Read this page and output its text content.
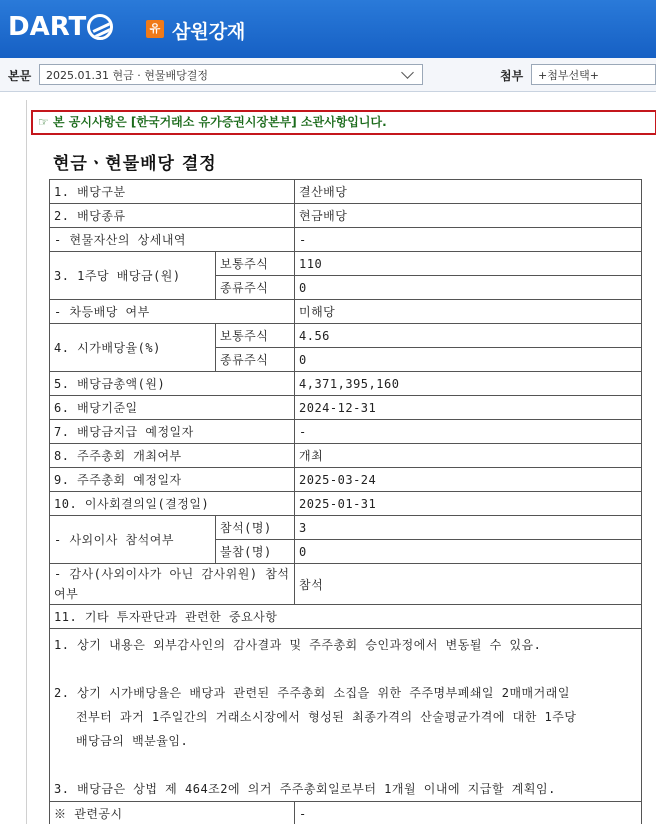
DART	유 삼원강재
본문	2025.01.31 현금 · 현물배당결정	첨부	+첨부선택+
☞ 본 공시사항은 [한국거래소 유가증권시장본부] 소관사항입니다.
현금ㆍ현물배당 결정
1. 배당구분		결산배당
2. 배당종류		현금배당
- 현물자산의 상세내역		-
3. 1주당 배당금(원)	보통주식	110
	종류주식	0
- 차등배당 여부		미해당
4. 시가배당율(%)	보통주식	4.56
	종류주식	0
5. 배당금총액(원)		4,371,395,160
6. 배당기준일		2024-12-31
7. 배당금지급 예정일자		-
8. 주주총회 개최여부		개최
9. 주주총회 예정일자		2025-03-24
10. 이사회결의일(결정일)		2025-01-31
- 사외이사 참석여부	참석(명)	3
	불참(명)	0
- 감사(사외이사가 아닌 감사위원) 참석여부		참석
11. 기타 투자판단과 관련한 중요사항		

1. 상기 내용은 외부감사인의 감사결과 및 주주총회 승인과정에서 변동될 수 있음.

2. 상기 시가배당율은 배당과 관련된 주주총회 소집을 위한 주주명부폐쇄일 2매매거래일

전부터 과거 1주일간의 거래소시장에서 형성된 최종가격의 산술평균가격에 대한 1주당

배당금의 백분율임.

3. 배당금은 상법 제 464조2에 의거 주주총회일로부터 1개월 이내에 지급할 계획임.		

※ 관련공시		-
